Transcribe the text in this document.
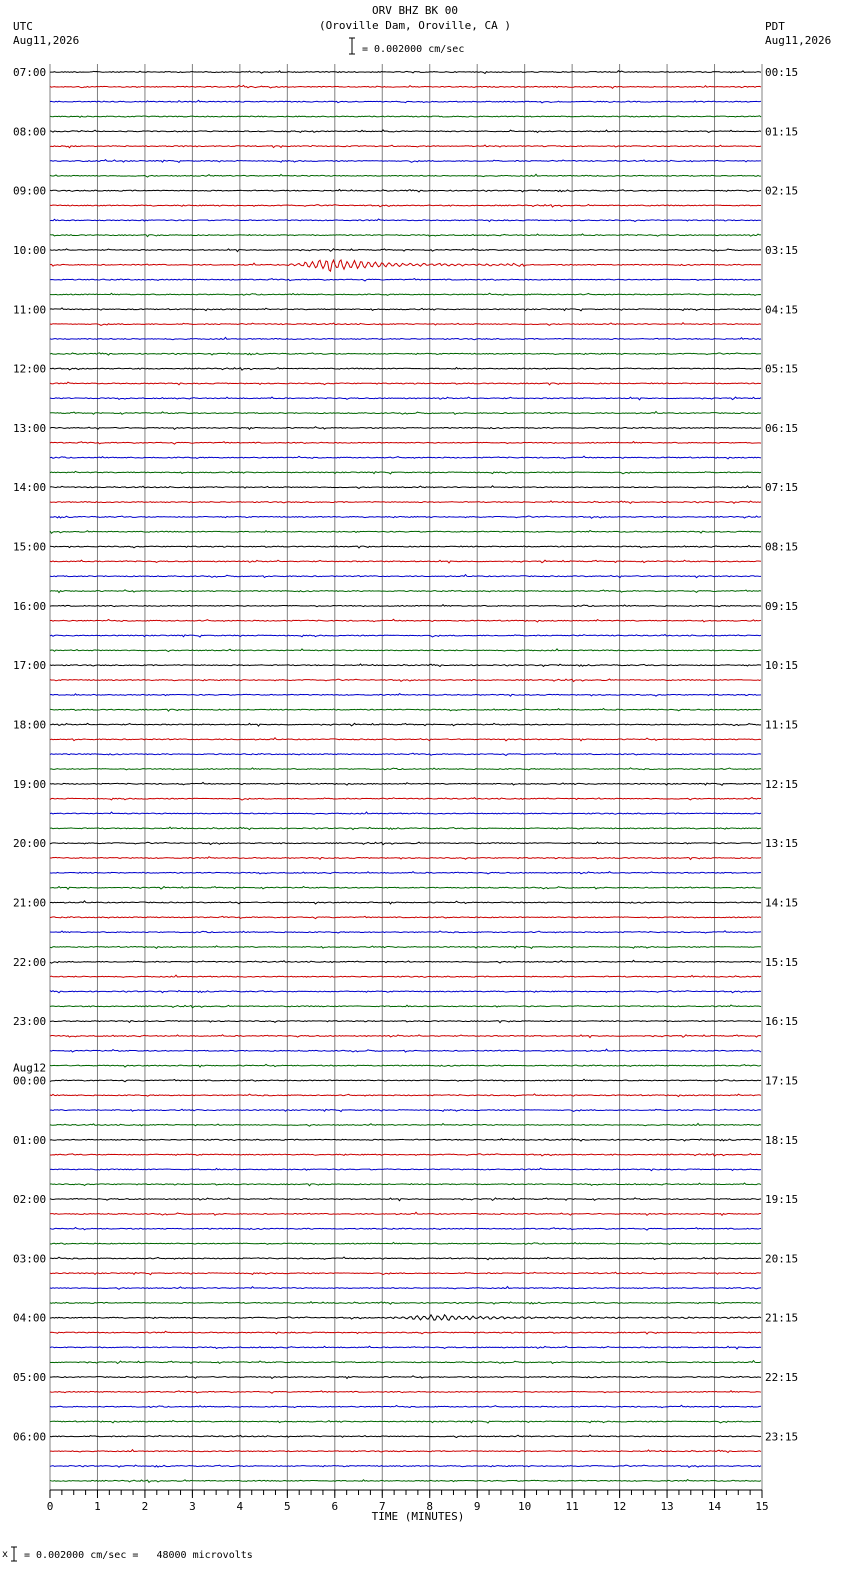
ORV BHZ BK 00
(Oroville Dam, Oroville, CA )
= 0.002000 cm/sec
UTC
Aug11,2026
PDT
Aug11,2026
07:00
08:00
09:00
10:00
11:00
12:00
13:00
14:00
15:00
16:00
17:00
18:00
19:00
20:00
21:00
22:00
23:00
Aug12
00:00
01:00
02:00
03:00
04:00
05:00
06:00
00:15
01:15
02:15
03:15
04:15
05:15
06:15
07:15
08:15
09:15
10:15
11:15
12:15
13:15
14:15
15:15
16:15
17:15
18:15
19:15
20:15
21:15
22:15
23:15
0	1	2	3	4	5	6	7	8	9	10	11	12	13	14	15
TIME (MINUTES)
x = 0.002000 cm/sec =   48000 microvolts
